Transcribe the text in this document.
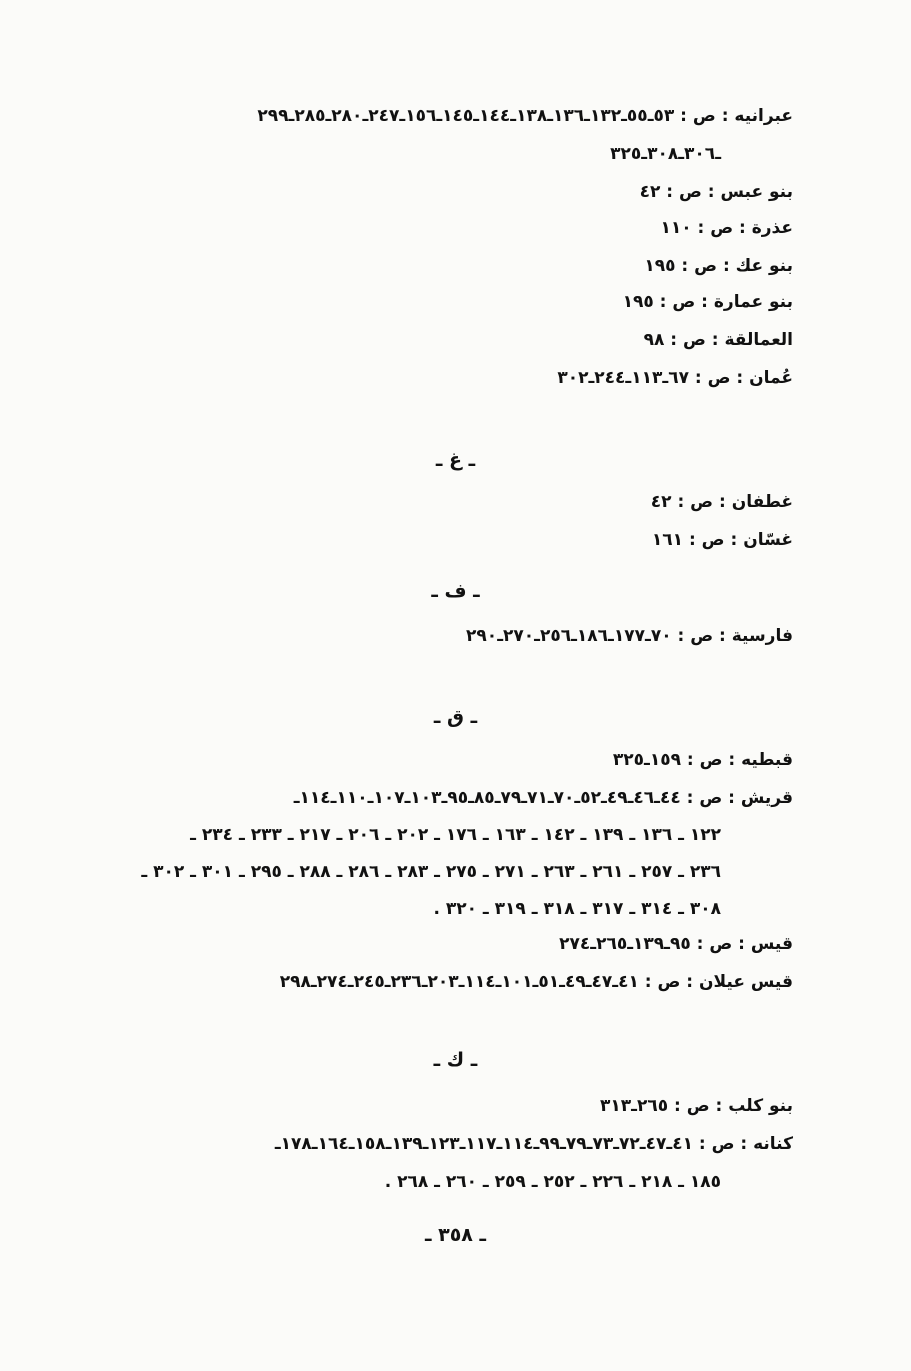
عبرانيه : ص : ٥٣ـ٥٥ـ١٣٢ـ١٣٦ـ١٣٨ـ١٤٤ـ١٤٥ـ١٥٦ـ٢٤٧ـ٢٨٠ـ٢٨٥ـ٢٩٩
ـ٣٠٦ـ٣٠٨ـ٣٢٥
بنو عبس : ص : ٤٢
عذرة : ص : ١١٠
بنو عك : ص : ١٩٥
بنو عمارة : ص : ١٩٥
العمالقة : ص : ٩٨
عُمان : ص : ٦٧ـ١١٣ـ٢٤٤ـ٣٠٢
ـ غ ـ
غطفان : ص : ٤٢
غسّان : ص : ١٦١
ـ ف ـ
فارسية : ص : ٧٠ـ١٧٧ـ١٨٦ـ٢٥٦ـ٢٧٠ـ٢٩٠
ـ ق ـ
قبطيه : ص : ١٥٩ـ٣٢٥
قريش : ص : ٤٤ـ٤٦ـ٤٩ـ٥٢ـ٧٠ـ٧١ـ٧٩ـ٨٥ـ٩٥ـ١٠٣ـ١٠٧ـ١١٠ـ١١٤ـ
١٢٢ ـ ١٣٦ ـ ١٣٩ ـ ١٤٢ ـ ١٦٣ ـ ١٧٦ ـ ٢٠٢ ـ ٢٠٦ ـ ٢١٧ ـ ٢٣٣ ـ ٢٣٤ ـ
٢٣٦ ـ ٢٥٧ ـ ٢٦١ ـ ٢٦٣ ـ ٢٧١ ـ ٢٧٥ ـ ٢٨٣ ـ ٢٨٦ ـ ٢٨٨ ـ ٢٩٥ ـ ٣٠١ ـ ٣٠٢ ـ
٣٠٨ ـ ٣١٤ ـ ٣١٧ ـ ٣١٨ ـ ٣١٩ ـ ٣٢٠ .
قيس : ص : ٩٥ـ١٣٩ـ٢٦٥ـ٢٧٤
قيس عيلان : ص : ٤١ـ٤٧ـ٤٩ـ٥١ـ١٠١ـ١١٤ـ٢٠٣ـ٢٣٦ـ٢٤٥ـ٢٧٤ـ٢٩٨
ـ ك ـ
بنو كلب : ص : ٢٦٥ـ٣١٣
كنانه : ص : ٤١ـ٤٧ـ٧٢ـ٧٣ـ٧٩ـ٩٩ـ١١٤ـ١١٧ـ١٢٣ـ١٣٩ـ١٥٨ـ١٦٤ـ١٧٨ـ
١٨٥ ـ ٢١٨ ـ ٢٢٦ ـ ٢٥٢ ـ ٢٥٩ ـ ٢٦٠ ـ ٢٦٨ .
ـ ٣٥٨ ـ
